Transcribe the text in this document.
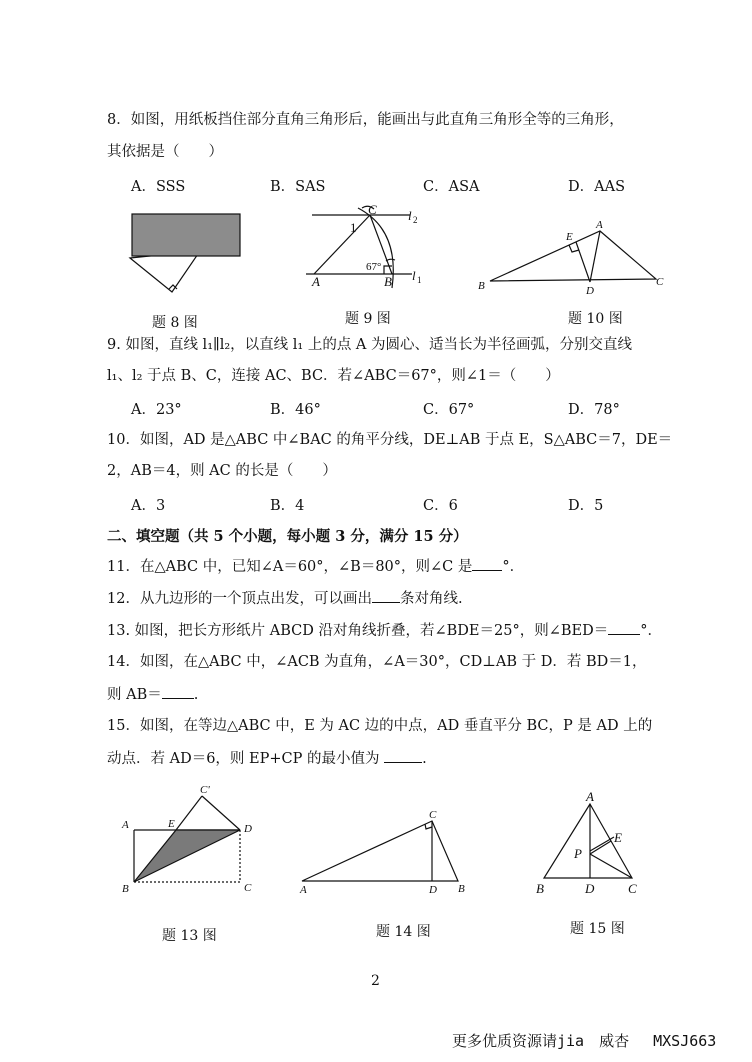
8．如图，用纸板挡住部分直角三角形后，能画出与此直角三角形全等的三角形，
其依据是（　　）
A．SSS	B．SAS	C．ASA	D．AAS
题 8 图
C
1
67°
A	B
l 2
l 1
题 9 图
A
E
B	D
C
题 10 图
9. 如图，直线 l₁∥l₂，以直线 l₁ 上的点 A 为圆心、适当长为半径画弧，分别交直线
l₁、l₂ 于点 B、C，连接 AC、BC．若∠ABC＝67°，则∠1＝（　　）
A．23°	B．46°	C．67°	D．78°
10．如图，AD 是△ABC 中∠BAC 的角平分线，DE⊥AB 于点 E，S△ABC＝7，DE＝
2，AB＝4，则 AC 的长是（　　）
A．3	B．4	C．6	D．5
二、填空题（共 5 个小题，每小题 3 分，满分 15 分）
11．在△ABC 中，已知∠A＝60°，∠B＝80°，则∠C 是 °．
12．从九边形的一个顶点出发，可以画出 条对角线.
13. 如图，把长方形纸片 ABCD 沿对角线折叠，若∠BDE＝25°，则∠BED＝ °．
14．如图，在△ABC 中，∠ACB 为直角，∠A＝30°，CD⊥AB 于 D．若 BD＝1，
则 AB＝ .
15．如图，在等边△ABC 中，E 为 AC 边的中点，AD 垂直平分 BC，P 是 AD 上的
动点．若 AD＝6，则 EP+CP 的最小值为	.
C'
A	E	D
B	C
题 13 图
C
A	D B
题 14 图
A
E
P
B	D	C
题 15 图
2
更多优质资源请jia　威杏　 MXSJ663
